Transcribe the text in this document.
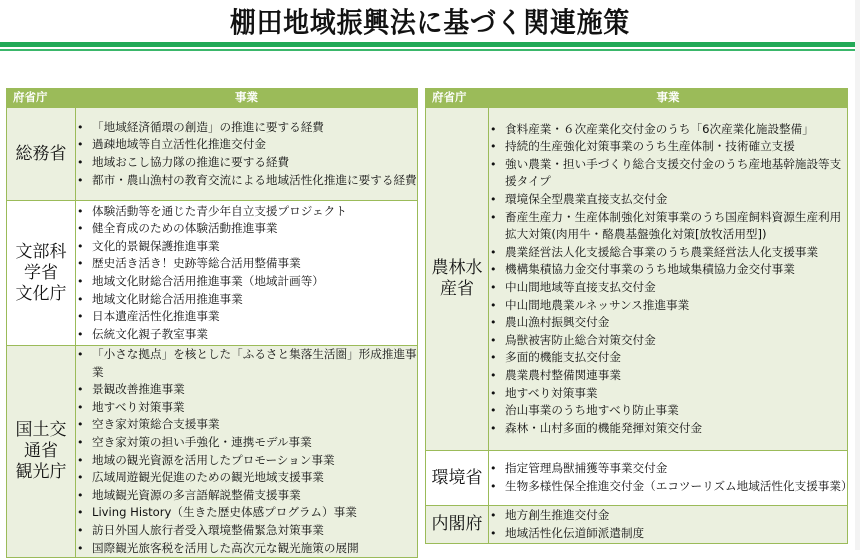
棚田地域振興法に基づく関連施策
府省庁	事業

総務省

• 「地域経済循環の創造」の推進に要する経費
• 過疎地域等自立活性化推進交付金
• 地域おこし協力隊の推進に要する経費
• 都市・農山漁村の教育交流による地域活性化推進に要する経費

文部科
学省
文化庁

• 体験活動等を通じた青少年自立支援プロジェクト
• 健全育成のための体験活動推進事業
• 文化的景観保護推進事業
• 歴史活き活き！史跡等総合活用整備事業
• 地域文化財総合活用推進事業（地域計画等）
• 地域文化財総合活用推進事業
• 日本遺産活性化推進事業
• 伝統文化親子教室事業

国土交
通省
観光庁

• 「小さな拠点」を核とした「ふるさと集落生活圏」形成推進事業
• 景観改善推進事業
• 地すべり対策事業
• 空き家対策総合支援事業
• 空き家対策の担い手強化・連携モデル事業
• 地域の観光資源を活用したプロモーション事業
• 広域周遊観光促進のための観光地域支援事業
• 地域観光資源の多言語解説整備支援事業
• Living History（生きた歴史体感プログラム）事業
• 訪日外国人旅行者受入環境整備緊急対策事業
• 国際観光旅客税を活用した高次元な観光施策の展開
府省庁	事業

農林水
産省

• 食料産業・６次産業化交付金のうち「6次産業化施設整備」
• 持続的生産強化対策事業のうち生産体制・技術確立支援
• 強い農業・担い手づくり総合支援交付金のうち産地基幹施設等支援タイプ
• 環境保全型農業直接支払交付金
• 畜産生産力・生産体制強化対策事業のうち国産飼料資源生産利用拡大対策(肉用牛・酪農基盤強化対策[放牧活用型])
• 農業経営法人化支援総合事業のうち農業経営法人化支援事業
• 機構集積協力金交付事業のうち地域集積協力金交付事業
• 中山間地域等直接支払交付金
• 中山間地農業ルネッサンス推進事業
• 農山漁村振興交付金
• 鳥獣被害防止総合対策交付金
• 多面的機能支払交付金
• 農業農村整備関連事業
• 地すべり対策事業
• 治山事業のうち地すべり防止事業
• 森林・山村多面的機能発揮対策交付金

環境省

•指定管理鳥獣捕獲等事業交付金
• 生物多様性保全推進交付金（エコツーリズム地域活性化支援事業）

内閣府

•地方創生推進交付金
• 地域活性化伝道師派遣制度
